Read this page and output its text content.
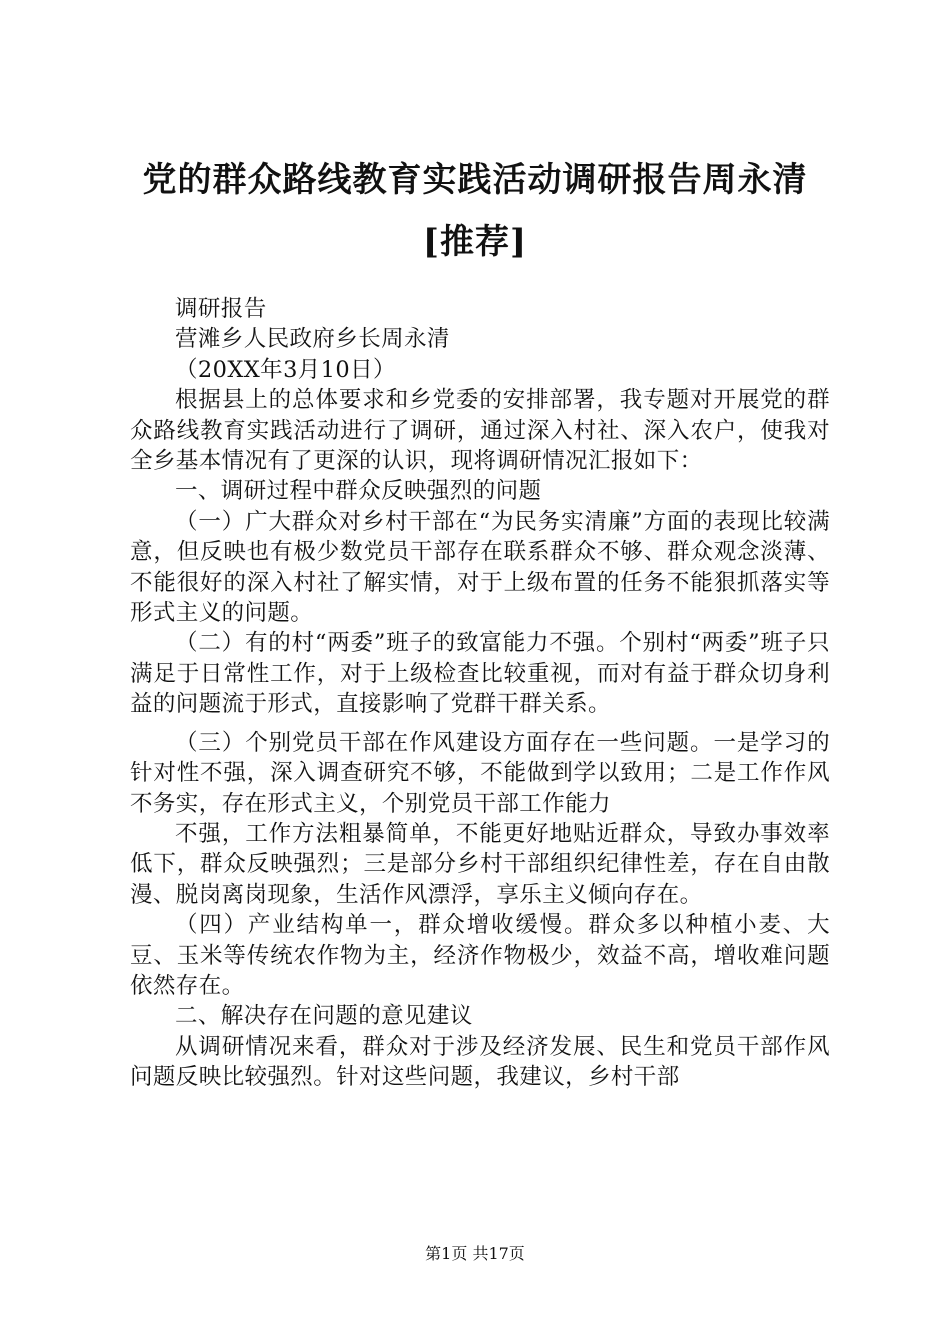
党的群众路线教育实践活动调研报告周永清
[推荐]

调研报告

营滩乡人民政府乡长周永清

（20XX年3月10日）

根据县上的总体要求和乡党委的安排部署，我专题对开展党的群众路线教育实践活动进行了调研，通过深入村社、深入农户，使我对全乡基本情况有了更深的认识，现将调研情况汇报如下：

一、调研过程中群众反映强烈的问题

（一）广大群众对乡村干部在“为民务实清廉”方面的表现比较满意，但反映也有极少数党员干部存在联系群众不够、群众观念淡薄、不能很好的深入村社了解实情，对于上级布置的任务不能狠抓落实等形式主义的问题。

（二）有的村“两委”班子的致富能力不强。个别村“两委”班子只满足于日常性工作，对于上级检查比较重视，而对有益于群众切身利益的问题流于形式，直接影响了党群干群关系。

（三）个别党员干部在作风建设方面存在一些问题。一是学习的针对性不强，深入调查研究不够，不能做到学以致用；二是工作作风不务实，存在形式主义，个别党员干部工作能力

不强，工作方法粗暴简单，不能更好地贴近群众，导致办事效率低下，群众反映强烈；三是部分乡村干部组织纪律性差，存在自由散漫、脱岗离岗现象，生活作风漂浮，享乐主义倾向存在。

（四）产业结构单一，群众增收缓慢。群众多以种植小麦、大豆、玉米等传统农作物为主，经济作物极少，效益不高，增收难问题依然存在。

二、解决存在问题的意见建议

从调研情况来看，群众对于涉及经济发展、民生和党员干部作风问题反映比较强烈。针对这些问题，我建议，乡村干部

第1页 共17页
